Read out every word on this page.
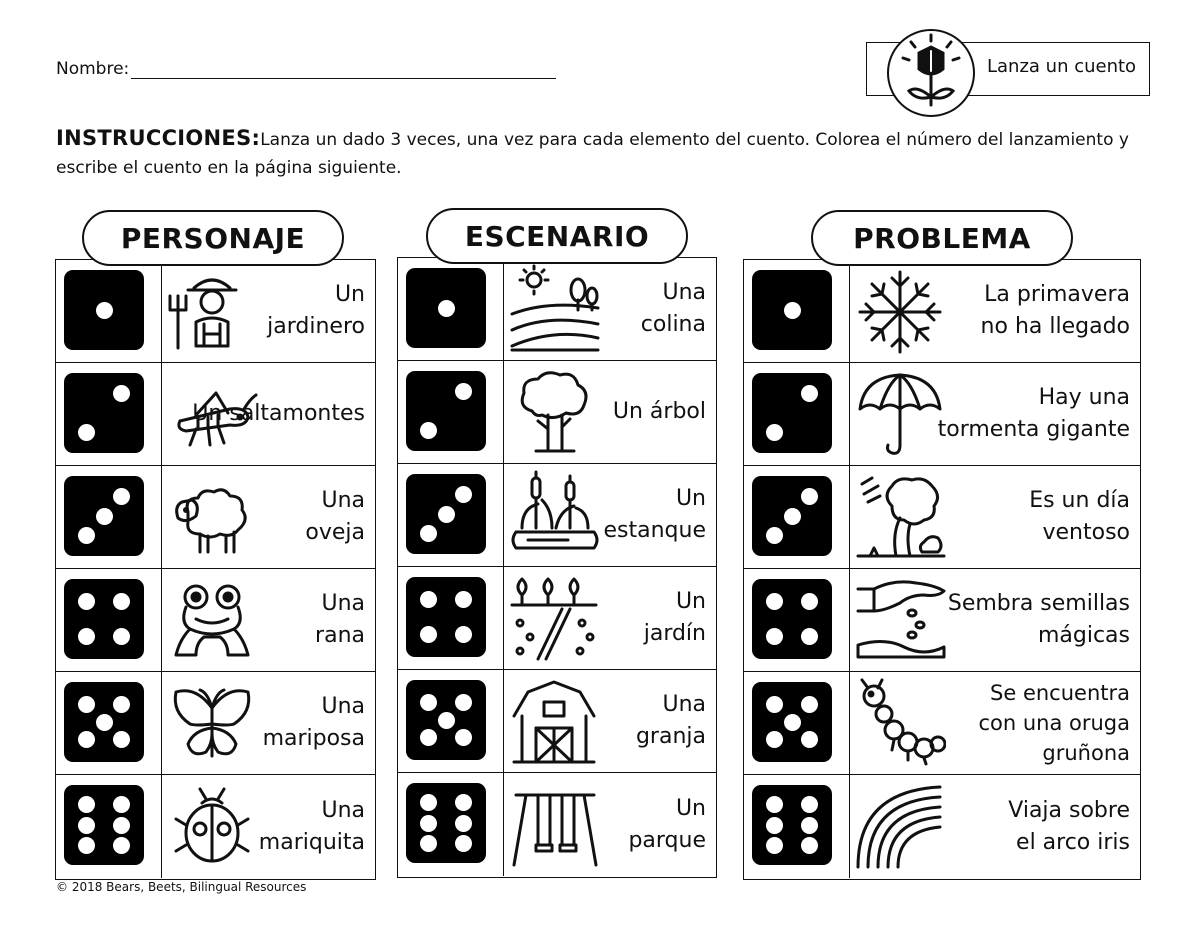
Nombre:	Lanza un cuento
INSTRUCCIONES:Lanza un dado 3 veces, una vez para cada elemento del cuento. Colorea el número del lanzamiento y escribe el cuento en la página siguiente.
PERSONAJE
Un
jardinero
Un saltamontes
Una
oveja
Una
rana
Una
mariposa
Una
mariquita
ESCENARIO
Una
colina
Un árbol
Un
estanque
Un
jardín
Una
granja
Un
parque
PROBLEMA
La primavera
no ha llegado
Hay una
tormenta gigante
Es un día
ventoso
Sembra semillas
mágicas
Se encuentra
con una oruga
gruñona
Viaja sobre
el arco iris
© 2018 Bears, Beets, Bilingual Resources
